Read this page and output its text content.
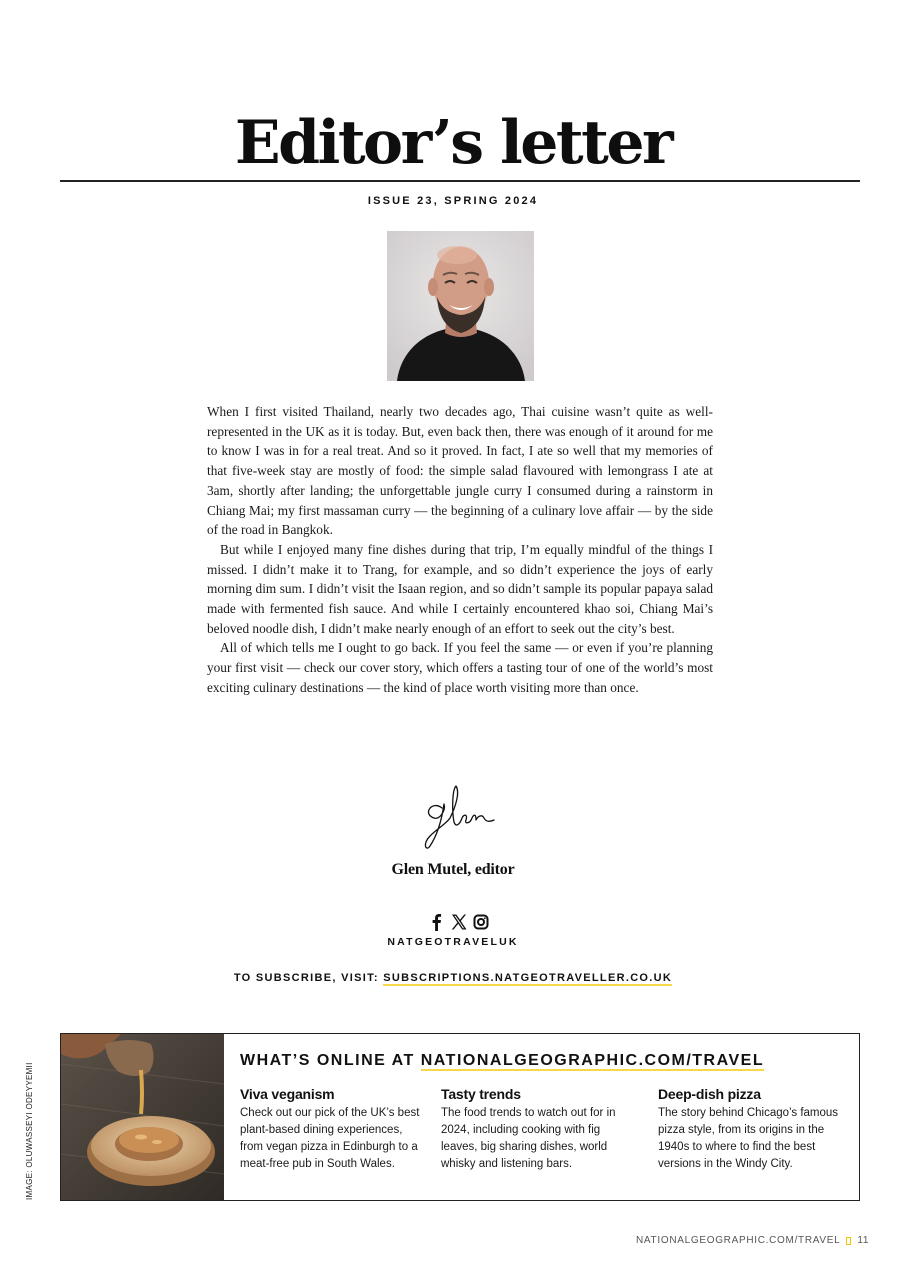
Editor’s letter
ISSUE 23, SPRING 2024

When I first visited Thailand, nearly two decades ago, Thai cuisine wasn’t quite as well-represented in the UK as it is today. But, even back then, there was enough of it around for me to know I was in for a real treat. And so it proved. In fact, I ate so well that my memories of that five-week stay are mostly of food: the simple salad flavoured with lemongrass I ate at 3am, shortly after landing; the unforgettable jungle curry I consumed during a rainstorm in Chiang Mai; my first massaman curry — the beginning of a culinary love affair — by the side of the road in Bangkok.

But while I enjoyed many fine dishes during that trip, I’m equally mindful of the things I missed. I didn’t make it to Trang, for example, and so didn’t experience the joys of early morning dim sum. I didn’t visit the Isaan region, and so didn’t sample its popular papaya salad made with fermented fish sauce. And while I certainly encountered khao soi, Chiang Mai’s beloved noodle dish, I didn’t make nearly enough of an effort to seek out the city’s best.

All of which tells me I ought to go back. If you feel the same — or even if you’re planning your first visit — check our cover story, which offers a tasting tour of one of the world’s most exciting culinary destinations — the kind of place worth visiting more than once.

Glen Mutel, editor
NATGEOTRAVELUK
TO SUBSCRIBE, VISIT: SUBSCRIPTIONS.NATGEOTRAVELLER.CO.UK
IMAGE: OLUWASSEYI ODEYYEMII
WHAT’S ONLINE AT NATIONALGEOGRAPHIC.COM/TRAVEL
Viva veganism

Check out our pick of the UK’s best plant-based dining experiences, from vegan pizza in Edinburgh to a meat-free pub in South Wales.

Tasty trends

The food trends to watch out for in 2024, including cooking with fig leaves, big sharing dishes, world whisky and listening bars.

Deep-dish pizza

The story behind Chicago’s famous pizza style, from its origins in the 1940s to where to find the best versions in the Windy City.

NATIONALGEOGRAPHIC.COM/TRAVEL 11
